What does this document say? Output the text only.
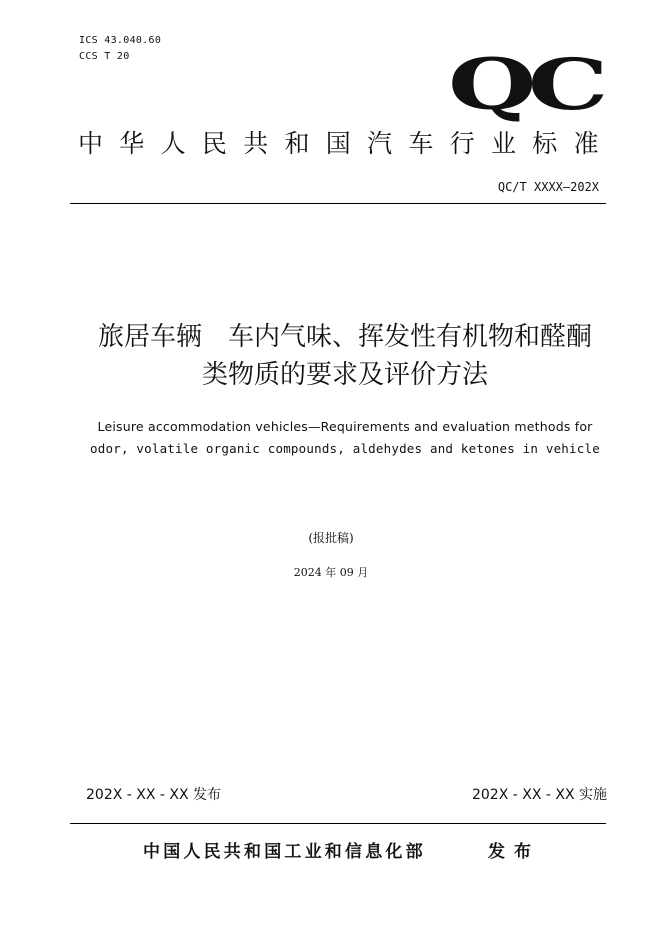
ICS 43.040.60
CCS T 20	QC
中华人民共和国汽车行业标准
QC/T XXXX—202X
旅居车辆　车内气味、挥发性有机物和醛酮
类物质的要求及评价方法
Leisure accommodation vehicles—Requirements and evaluation methods for
odor, volatile organic compounds, aldehydes and ketones in vehicle
(报批稿)
2024 年 09 月
202X - XX - XX 发布	202X - XX - XX 实施
中国人民共和国工业和信息化部	发布
